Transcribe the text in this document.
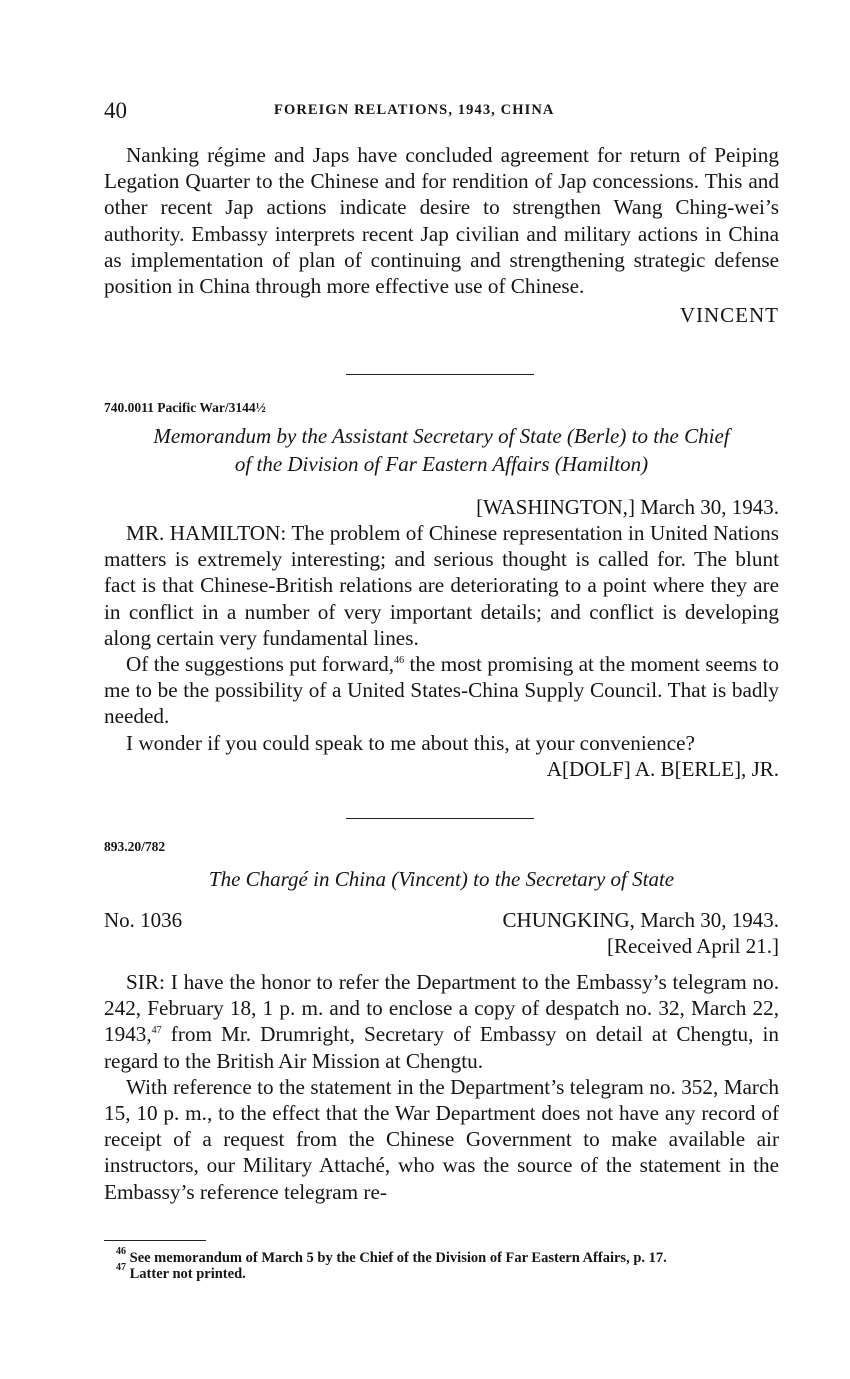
40	FOREIGN RELATIONS, 1943, CHINA

Nanking régime and Japs have concluded agreement for return of Peiping Legation Quarter to the Chinese and for rendition of Jap concessions. This and other recent Jap actions indicate desire to strengthen Wang Ching-wei’s authority. Embassy interprets recent Jap civilian and military actions in China as implementation of plan of continuing and strengthening strategic defense position in China through more effective use of Chinese.

VINCENT
740.0011 Pacific War/3144½

Memorandum by the Assistant Secretary of State (Berle) to the Chief
of the Division of Far Eastern Affairs (Hamilton)

[WASHINGTON,] March 30, 1943.

MR. HAMILTON: The problem of Chinese representation in United Nations matters is extremely interesting; and serious thought is called for. The blunt fact is that Chinese-British relations are deteriorating to a point where they are in conflict in a number of very important details; and conflict is developing along certain very fundamental lines.

Of the suggestions put forward,$^{46}$ the most promising at the moment seems to me to be the possibility of a United States-China Supply Council. That is badly needed.

I wonder if you could speak to me about this, at your convenience?

A[DOLF] A. B[ERLE], JR.
893.20/782

The Chargé in China (Vincent) to the Secretary of State

No. 1036	CHUNGKING, March 30, 1943.
[Received April 21.]

SIR: I have the honor to refer the Department to the Embassy’s telegram no. 242, February 18, 1 p. m. and to enclose a copy of despatch no. 32, March 22, 1943,47 from Mr. Drumright, Secretary of Embassy on detail at Chengtu, in regard to the British Air Mission at Chengtu.

With reference to the statement in the Department’s telegram no. 352, March 15, 10 p. m., to the effect that the War Department does not have any record of receipt of a request from the Chinese Government to make available air instructors, our Military Attaché, who was the source of the statement in the Embassy’s reference telegram re-

$^{46}$ See memorandum of March 5 by the Chief of the Division of Far Eastern Affairs, p. 17.

$^{47}$ Latter not printed.
